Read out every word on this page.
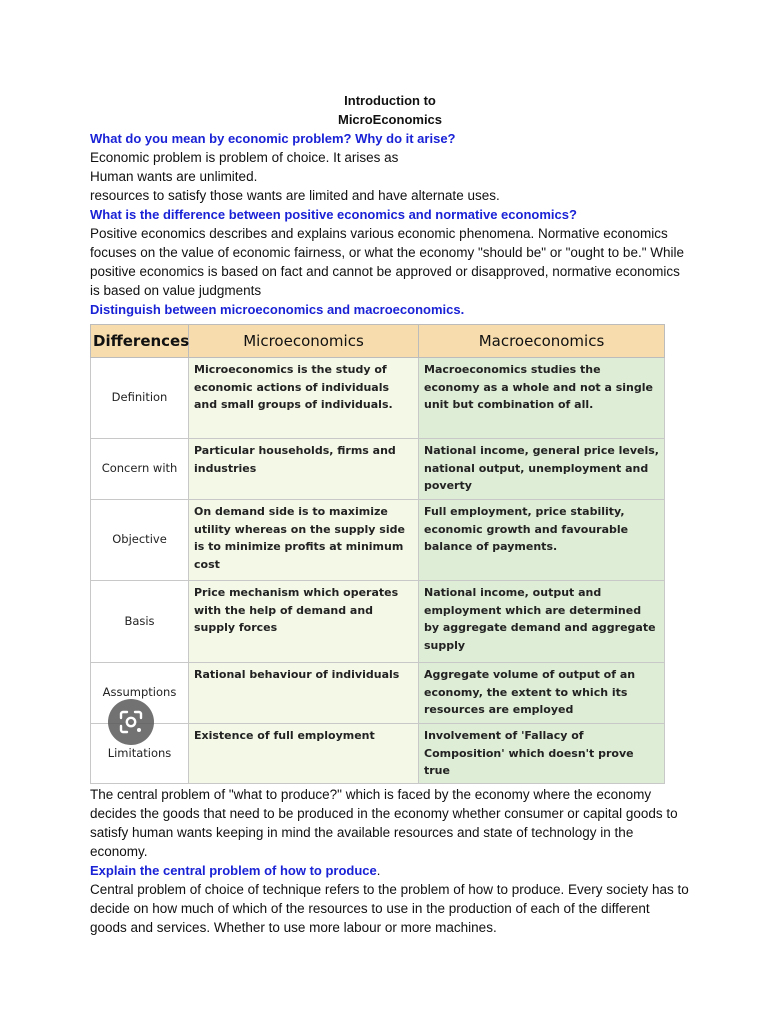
Introduction to
MicroEconomics
What do you mean by economic problem? Why do it arise?
Economic problem is problem of choice. It arises as
Human wants are unlimited.
resources to satisfy those wants are limited and have alternate uses.
What is the difference between positive economics and normative economics?
Positive economics describes and explains various economic phenomena. Normative economics focuses on the value of economic fairness, or what the economy "should be" or "ought to be." While positive economics is based on fact and cannot be approved or disapproved, normative economics is based on value judgments
Distinguish between microeconomics and macroeconomics.
Differences	Microeconomics	Macroeconomics
Definition	Microeconomics is the study of economic actions of individuals and small groups of individuals.	Macroeconomics studies the economy as a whole and not a single unit but combination of all.
Concern with	Particular households, firms and industries	National income, general price levels, national output, unemployment and poverty
Objective	On demand side is to maximize utility whereas on the supply side is to minimize profits at minimum cost	Full employment, price stability, economic growth and favourable balance of payments.
Basis	Price mechanism which operates with the help of demand and supply forces	National income, output and employment which are determined by aggregate demand and aggregate supply
Assumptions	Rational behaviour of individuals	Aggregate volume of output of an economy, the extent to which its resources are employed
Limitations	Existence of full employment	Involvement of 'Fallacy of Composition' which doesn't prove true
The central problem of "what to produce?" which is faced by the economy where the economy decides the goods that need to be produced in the economy whether consumer or capital goods to satisfy human wants keeping in mind the available resources and state of technology in the economy.
Explain the central problem of how to produce.
Central problem of choice of technique refers to the problem of how to produce. Every society has to decide on how much of which of the resources to use in the production of each of the different goods and services. Whether to use more labour or more machines.
